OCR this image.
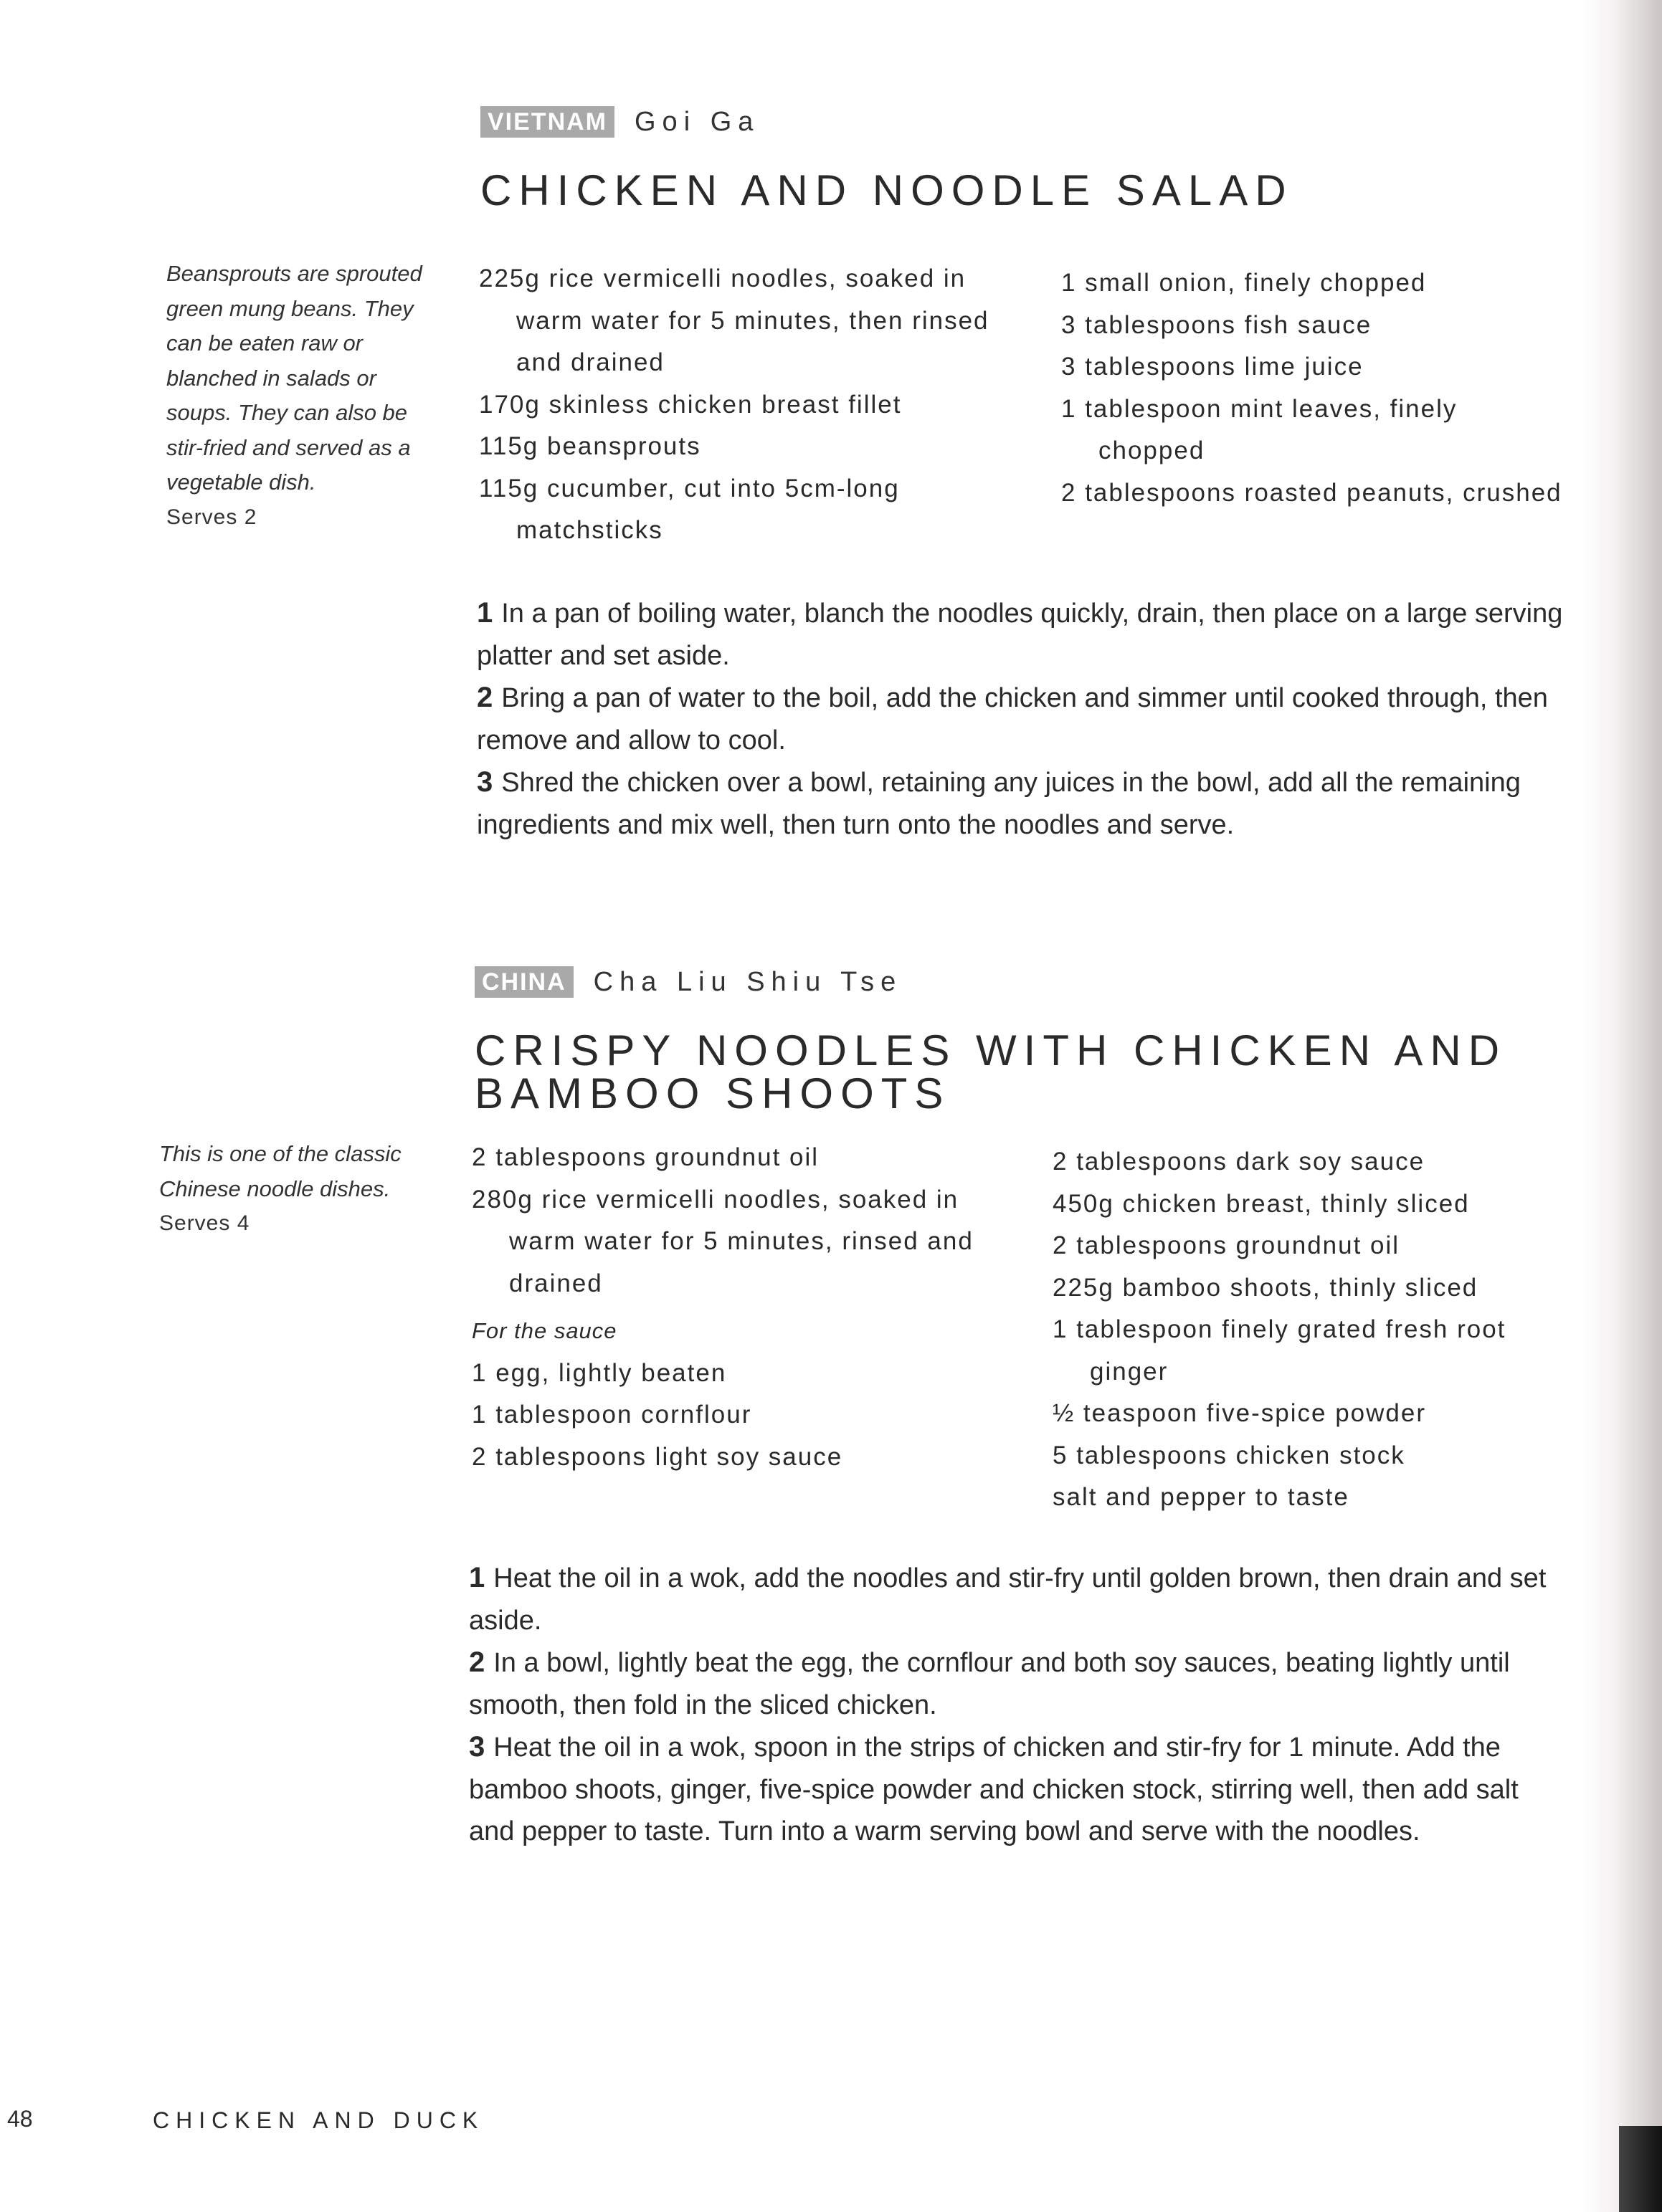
VIETNAM Goi Ga
CHICKEN AND NOODLE SALAD
Beansprouts are sprouted green mung beans. They can be eaten raw or blanched in salads or soups. They can also be stir-fried and served as a vegetable dish.
Serves 2
225g rice vermicelli noodles, soaked in warm water for 5 minutes, then rinsed and drained
170g skinless chicken breast fillet
115g beansprouts
115g cucumber, cut into 5cm-long matchsticks
1 small onion, finely chopped
3 tablespoons fish sauce
3 tablespoons lime juice
1 tablespoon mint leaves, finely chopped
2 tablespoons roasted peanuts, crushed
1 In a pan of boiling water, blanch the noodles quickly, drain, then place on a large serving platter and set aside.
2 Bring a pan of water to the boil, add the chicken and simmer until cooked through, then remove and allow to cool.
3 Shred the chicken over a bowl, retaining any juices in the bowl, add all the remaining ingredients and mix well, then turn onto the noodles and serve.
CHINA Cha Liu Shiu Tse
CRISPY NOODLES WITH CHICKEN AND BAMBOO SHOOTS
This is one of the classic Chinese noodle dishes.
Serves 4
2 tablespoons groundnut oil
280g rice vermicelli noodles, soaked in warm water for 5 minutes, rinsed and drained
For the sauce
1 egg, lightly beaten
1 tablespoon cornflour
2 tablespoons light soy sauce
2 tablespoons dark soy sauce
450g chicken breast, thinly sliced
2 tablespoons groundnut oil
225g bamboo shoots, thinly sliced
1 tablespoon finely grated fresh root ginger
½ teaspoon five-spice powder
5 tablespoons chicken stock
salt and pepper to taste
1 Heat the oil in a wok, add the noodles and stir-fry until golden brown, then drain and set aside.
2 In a bowl, lightly beat the egg, the cornflour and both soy sauces, beating lightly until smooth, then fold in the sliced chicken.
3 Heat the oil in a wok, spoon in the strips of chicken and stir-fry for 1 minute. Add the bamboo shoots, ginger, five-spice powder and chicken stock, stirring well, then add salt and pepper to taste. Turn into a warm serving bowl and serve with the noodles.
48	CHICKEN AND DUCK
